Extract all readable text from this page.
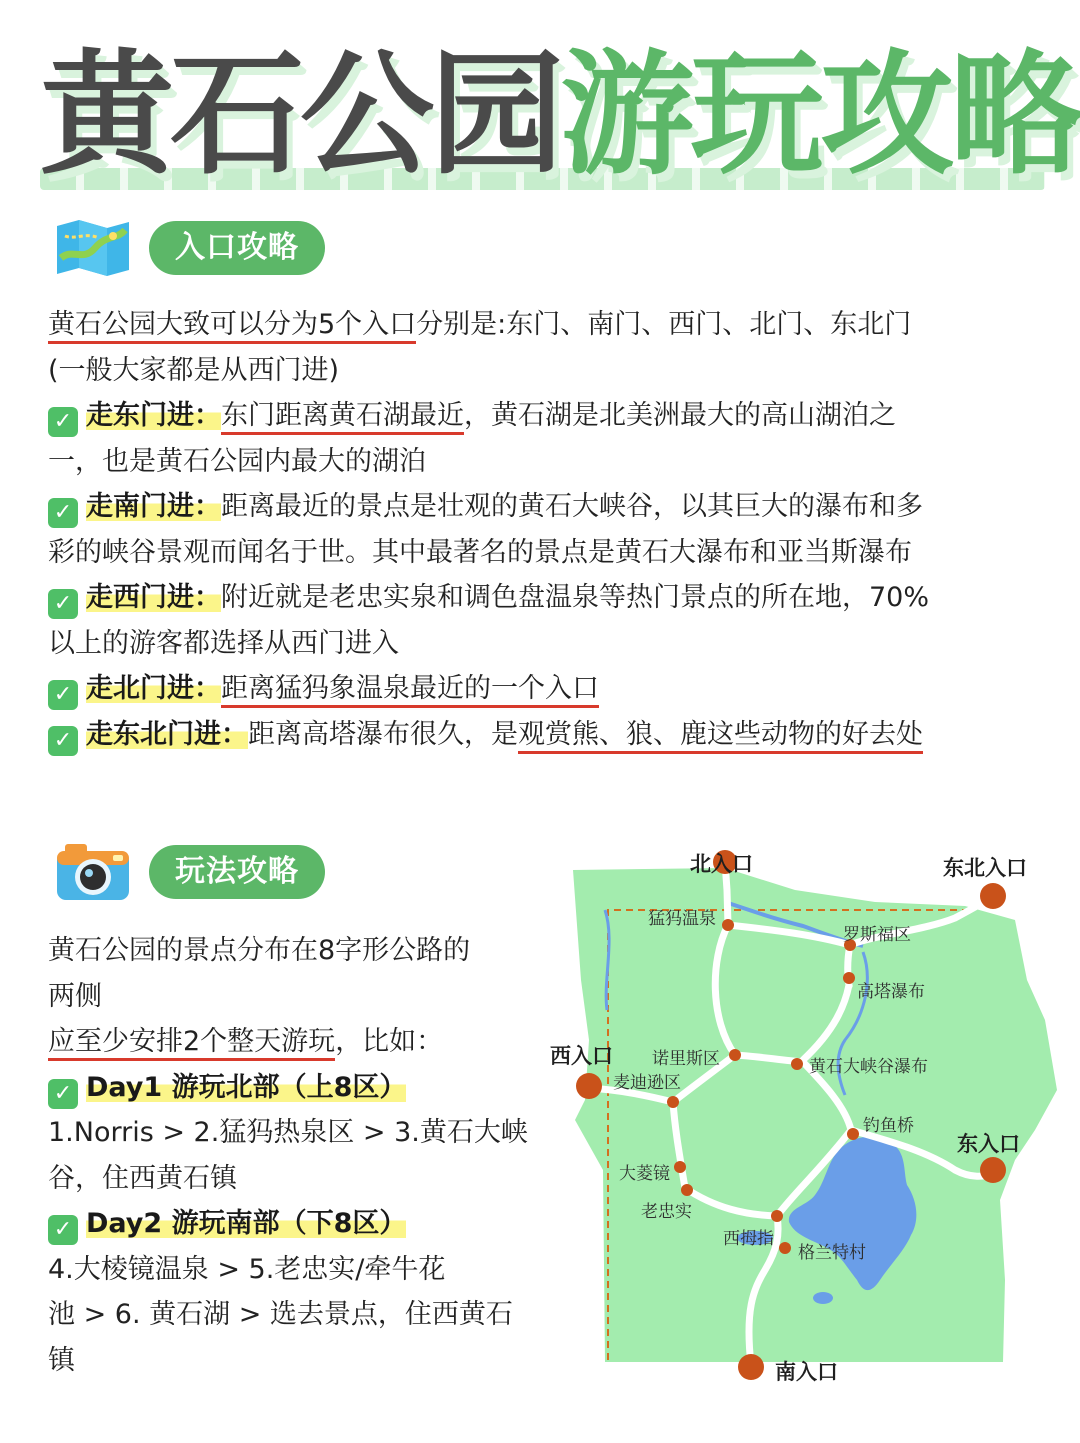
黄石公园游玩攻略
入口攻略
黄石公园大致可以分为5个入口分别是:东门、南门、西门、北门、东北门
(一般大家都是从西门进)
✓ 走东门进：东门距离黄石湖最近，黄石湖是北美洲最大的高山湖泊之
一，也是黄石公园内最大的湖泊
✓ 走南门进：距离最近的景点是壮观的黄石大峡谷，以其巨大的瀑布和多
彩的峡谷景观而闻名于世。其中最著名的景点是黄石大瀑布和亚当斯瀑布
✓ 走西门进：附近就是老忠实泉和调色盘温泉等热门景点的所在地，70%
以上的游客都选择从西门进入
✓ 走北门进：距离猛犸象温泉最近的一个入口
✓ 走东北门进：距离高塔瀑布很久，是观赏熊、狼、鹿这些动物的好去处
玩法攻略
黄石公园的景点分布在8字形公路的
两侧
应至少安排2个整天游玩，比如：
✓ Day1 游玩北部（上8区）
1.Norris > 2.猛犸热泉区 > 3.黄石大峡
谷，住西黄石镇
✓ Day2 游玩南部（下8区）
4.大棱镜温泉 > 5.老忠实/牵牛花
池 > 6. 黄石湖 > 选去景点，住西黄石
镇
北入口	东北入口
西入口
东入口
南入口
猛犸温泉
罗斯福区
高塔瀑布
诺里斯区	黄石大峡谷瀑布
麦迪逊区
钓鱼桥
大菱镜
老忠实
西拇指
格兰特村
